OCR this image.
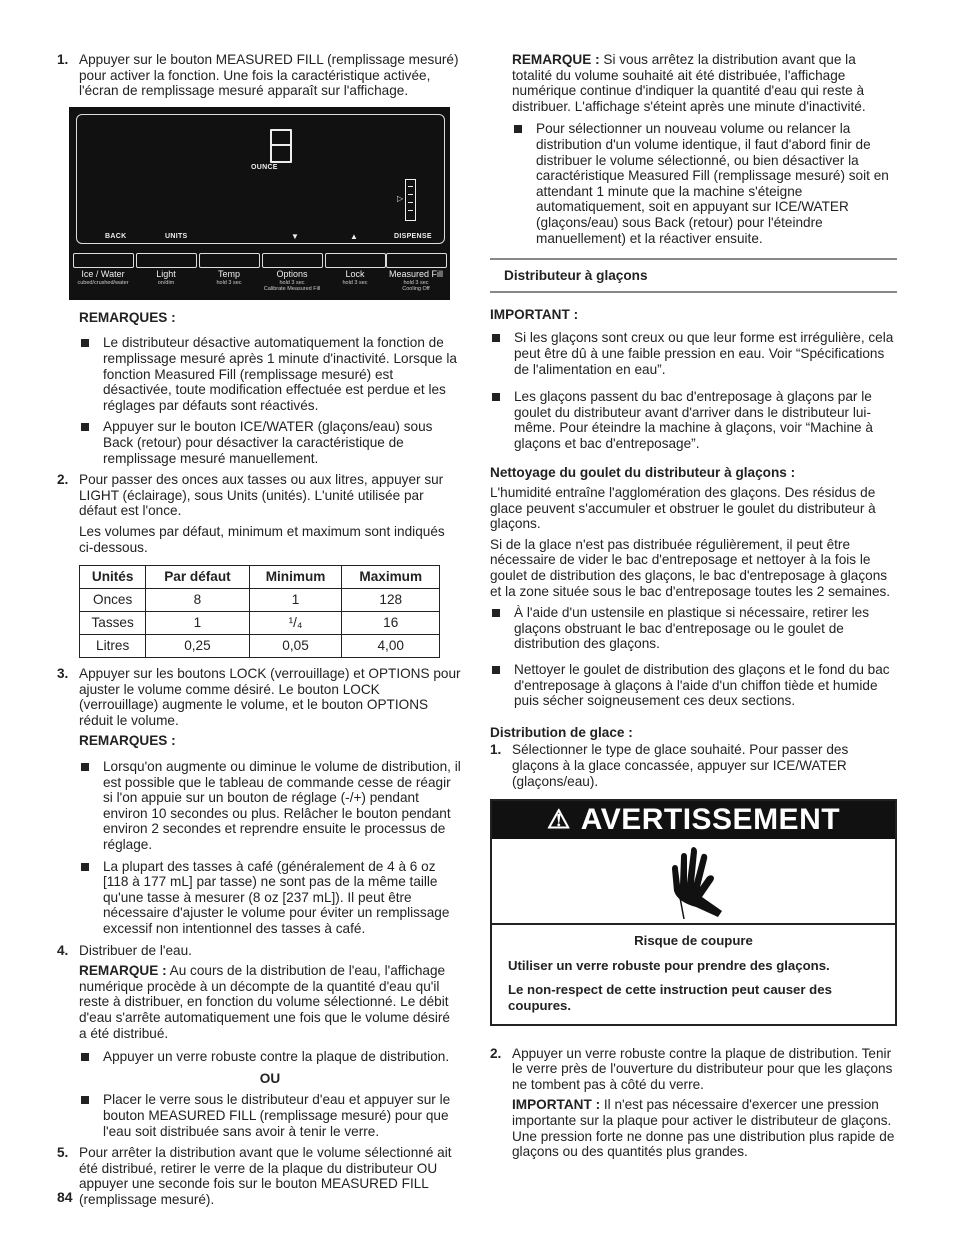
1. Appuyer sur le bouton MEASURED FILL (remplissage mesuré) pour activer la fonction. Une fois la caractéristique activée, l'écran de remplissage mesuré apparaît sur l'affichage.

OUNCE
▷
BACK	UNITS	▼	▲	DISPENSE
Ice / Water
cubed/crushed/water
Light
on/dim
Temp
hold 3 sec
Options
hold 3 sec
Calibrate Measured Fill
Lock
hold 3 sec
Measured Fill
hold 3 sec
Cooling Off

REMARQUES :

Le distributeur désactive automatiquement la fonction de remplissage mesuré après 1 minute d'inactivité. Lorsque la fonction Measured Fill (remplissage mesuré) est désactivée, toute modification effectuée est perdue et les réglages par défauts sont réactivés.
Appuyer sur le bouton ICE/WATER (glaçons/eau) sous Back (retour) pour désactiver la caractéristique de remplissage mesuré manuellement.
2. Pour passer des onces aux tasses ou aux litres, appuyer sur LIGHT (éclairage), sous Units (unités). L'unité utilisée par défaut est l'once.

Les volumes par défaut, minimum et maximum sont indiqués ci-dessous.

Unités	Par défaut	Minimum	Maximum
Onces	8	1	128
Tasses	1	¹/₄	16
Litres	0,25	0,05	4,00
3. Appuyer sur les boutons LOCK (verrouillage) et OPTIONS pour ajuster le volume comme désiré. Le bouton LOCK (verrouillage) augmente le volume, et le bouton OPTIONS réduit le volume.

REMARQUES :

Lorsqu'on augmente ou diminue le volume de distribution, il est possible que le tableau de commande cesse de réagir si l'on appuie sur un bouton de réglage (-/+) pendant environ 10 secondes ou plus. Relâcher le bouton pendant environ 2 secondes et reprendre ensuite le processus de réglage.
La plupart des tasses à café (généralement de 4 à 6 oz [118 à 177 mL] par tasse) ne sont pas de la même taille qu'une tasse à mesurer (8 oz [237 mL]). Il peut être nécessaire d'ajuster le volume pour éviter un remplissage excessif non intentionnel des tasses à café.
4. Distribuer de l'eau.

REMARQUE : Au cours de la distribution de l'eau, l'affichage numérique procède à un décompte de la quantité d'eau qu'il reste à distribuer, en fonction du volume sélectionné. Le débit d'eau s'arrête automatiquement une fois que le volume désiré a été distribué.

Appuyer un verre robuste contre la plaque de distribution.

OU

Placer le verre sous le distributeur d'eau et appuyer sur le bouton MEASURED FILL (remplissage mesuré) pour que l'eau soit distribuée sans avoir à tenir le verre.
5. Pour arrêter la distribution avant que le volume sélectionné ait été distribué, retirer le verre de la plaque du distributeur OU appuyer une seconde fois sur le bouton MEASURED FILL (remplissage mesuré).

REMARQUE : Si vous arrêtez la distribution avant que la totalité du volume souhaité ait été distribuée, l'affichage numérique continue d'indiquer la quantité d'eau qui reste à distribuer. L'affichage s'éteint après une minute d'inactivité.

Pour sélectionner un nouveau volume ou relancer la distribution d'un volume identique, il faut d'abord finir de distribuer le volume sélectionné, ou bien désactiver la caractéristique Measured Fill (remplissage mesuré) soit en attendant 1 minute que la machine s'éteigne automatiquement, soit en appuyant sur ICE/WATER (glaçons/eau) sous Back (retour) pour l'éteindre manuellement) et la réactiver ensuite.
Distributeur à glaçons

IMPORTANT :

Si les glaçons sont creux ou que leur forme est irrégulière, cela peut être dû à une faible pression en eau. Voir “Spécifications de l'alimentation en eau”.
Les glaçons passent du bac d'entreposage à glaçons par le goulet du distributeur avant d'arriver dans le distributeur lui-même. Pour éteindre la machine à glaçons, voir “Machine à glaçons et bac d'entreposage”.

Nettoyage du goulet du distributeur à glaçons :

L'humidité entraîne l'agglomération des glaçons. Des résidus de glace peuvent s'accumuler et obstruer le goulet du distributeur à glaçons.

Si de la glace n'est pas distribuée régulièrement, il peut être nécessaire de vider le bac d'entreposage et nettoyer à la fois le goulet de distribution des glaçons, le bac d'entreposage à glaçons et la zone située sous le bac d'entreposage toutes les 2 semaines.

À l'aide d'un ustensile en plastique si nécessaire, retirer les glaçons obstruant le bac d'entreposage ou le goulet de distribution des glaçons.
Nettoyer le goulet de distribution des glaçons et le fond du bac d'entreposage à glaçons à l'aide d'un chiffon tiède et humide puis sécher soigneusement ces deux sections.

Distribution de glace :

1. Sélectionner le type de glace souhaité. Pour passer des glaçons à la glace concassée, appuyer sur ICE/WATER (glaçons/eau).

⚠ AVERTISSEMENT

Risque de coupure

Utiliser un verre robuste pour prendre des glaçons.

Le non-respect de cette instruction peut causer des coupures.

2. Appuyer un verre robuste contre la plaque de distribution. Tenir le verre près de l'ouverture du distributeur pour que les glaçons ne tombent pas à côté du verre.

IMPORTANT : Il n'est pas nécessaire d'exercer une pression importante sur la plaque pour activer le distributeur de glaçons. Une pression forte ne donne pas une distribution plus rapide de glaçons ou des quantités plus grandes.

84
